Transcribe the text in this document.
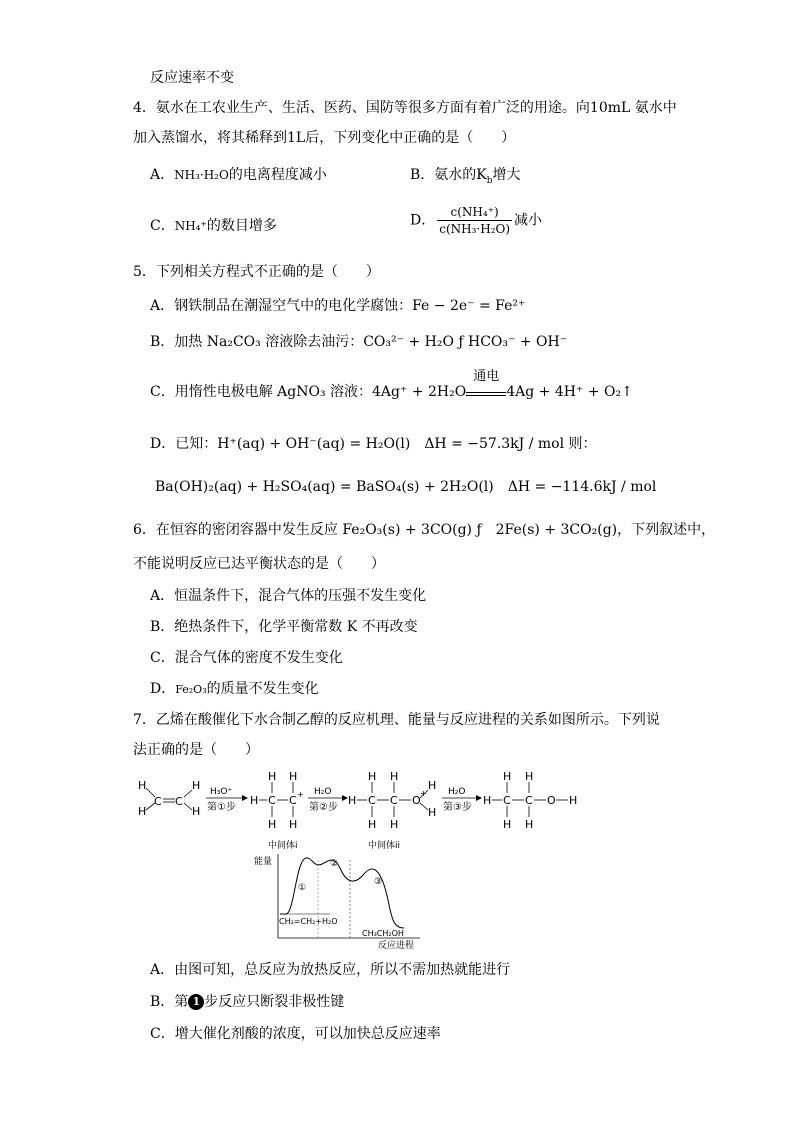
反应速率不变
4．氨水在工农业生产、生活、医药、国防等很多方面有着广泛的用途。向10mL 氨水中
加入蒸馏水，将其稀释到1L后，下列变化中正确的是（　　）
A．NH₃·H₂O的电离程度减小	B．氨水的$K_b$增大
C．NH₄⁺的数目增多	D． $\frac{\text{c(NH₄⁺)}}{\text{c(NH₃·H₂O)}}$ 减小
5．下列相关方程式不正确的是（　　）
A．钢铁制品在潮湿空气中的电化学腐蚀：Fe − 2e⁻ = Fe²⁺
B．加热 Na₂CO₃ 溶液除去油污：CO₃²⁻ + H₂O ƒ HCO₃⁻ + OH⁻
C．用惰性电极电解 AgNO₃ 溶液：4Ag⁺ + 2H₂O
通电
4Ag + 4H⁺ + O₂↑
D．已知：H⁺(aq) + OH⁻(aq) = H₂O(l)　ΔH = −57.3kJ / mol 则：
Ba(OH)₂(aq) + H₂SO₄(aq) = BaSO₄(s) + 2H₂O(l)　ΔH = −114.6kJ / mol
6．在恒容的密闭容器中发生反应 Fe₂O₃(s) + 3CO(g) ƒ　2Fe(s) + 3CO₂(g)，下列叙述中，
不能说明反应已达平衡状态的是（　　）
A．恒温条件下，混合气体的压强不发生变化
B．绝热条件下，化学平衡常数 K 不再改变
C．混合气体的密度不发生变化
D．Fe₂O₃的质量不发生变化
7．乙烯在酸催化下水合制乙醇的反应机理、能量与反应进程的关系如图所示。下列说
法正确的是（　　）
H
H
C C
H
H
H₃O⁺
第①步
H C
H
H
C +
H
H
中间体i
H₂O
第②步
H C
H
H
C
H
H
O
+
H
H
中间体ii
H₂O
第③步
H C
H
H
C
H
H
O H
能量
①
②
③
CH₂=CH₂+H₂O
CH₃CH₂OH
反应进程
A．由图可知，总反应为放热反应，所以不需加热就能进行
B．第 1 步反应只断裂非极性键
C．增大催化剂酸的浓度，可以加快总反应速率
